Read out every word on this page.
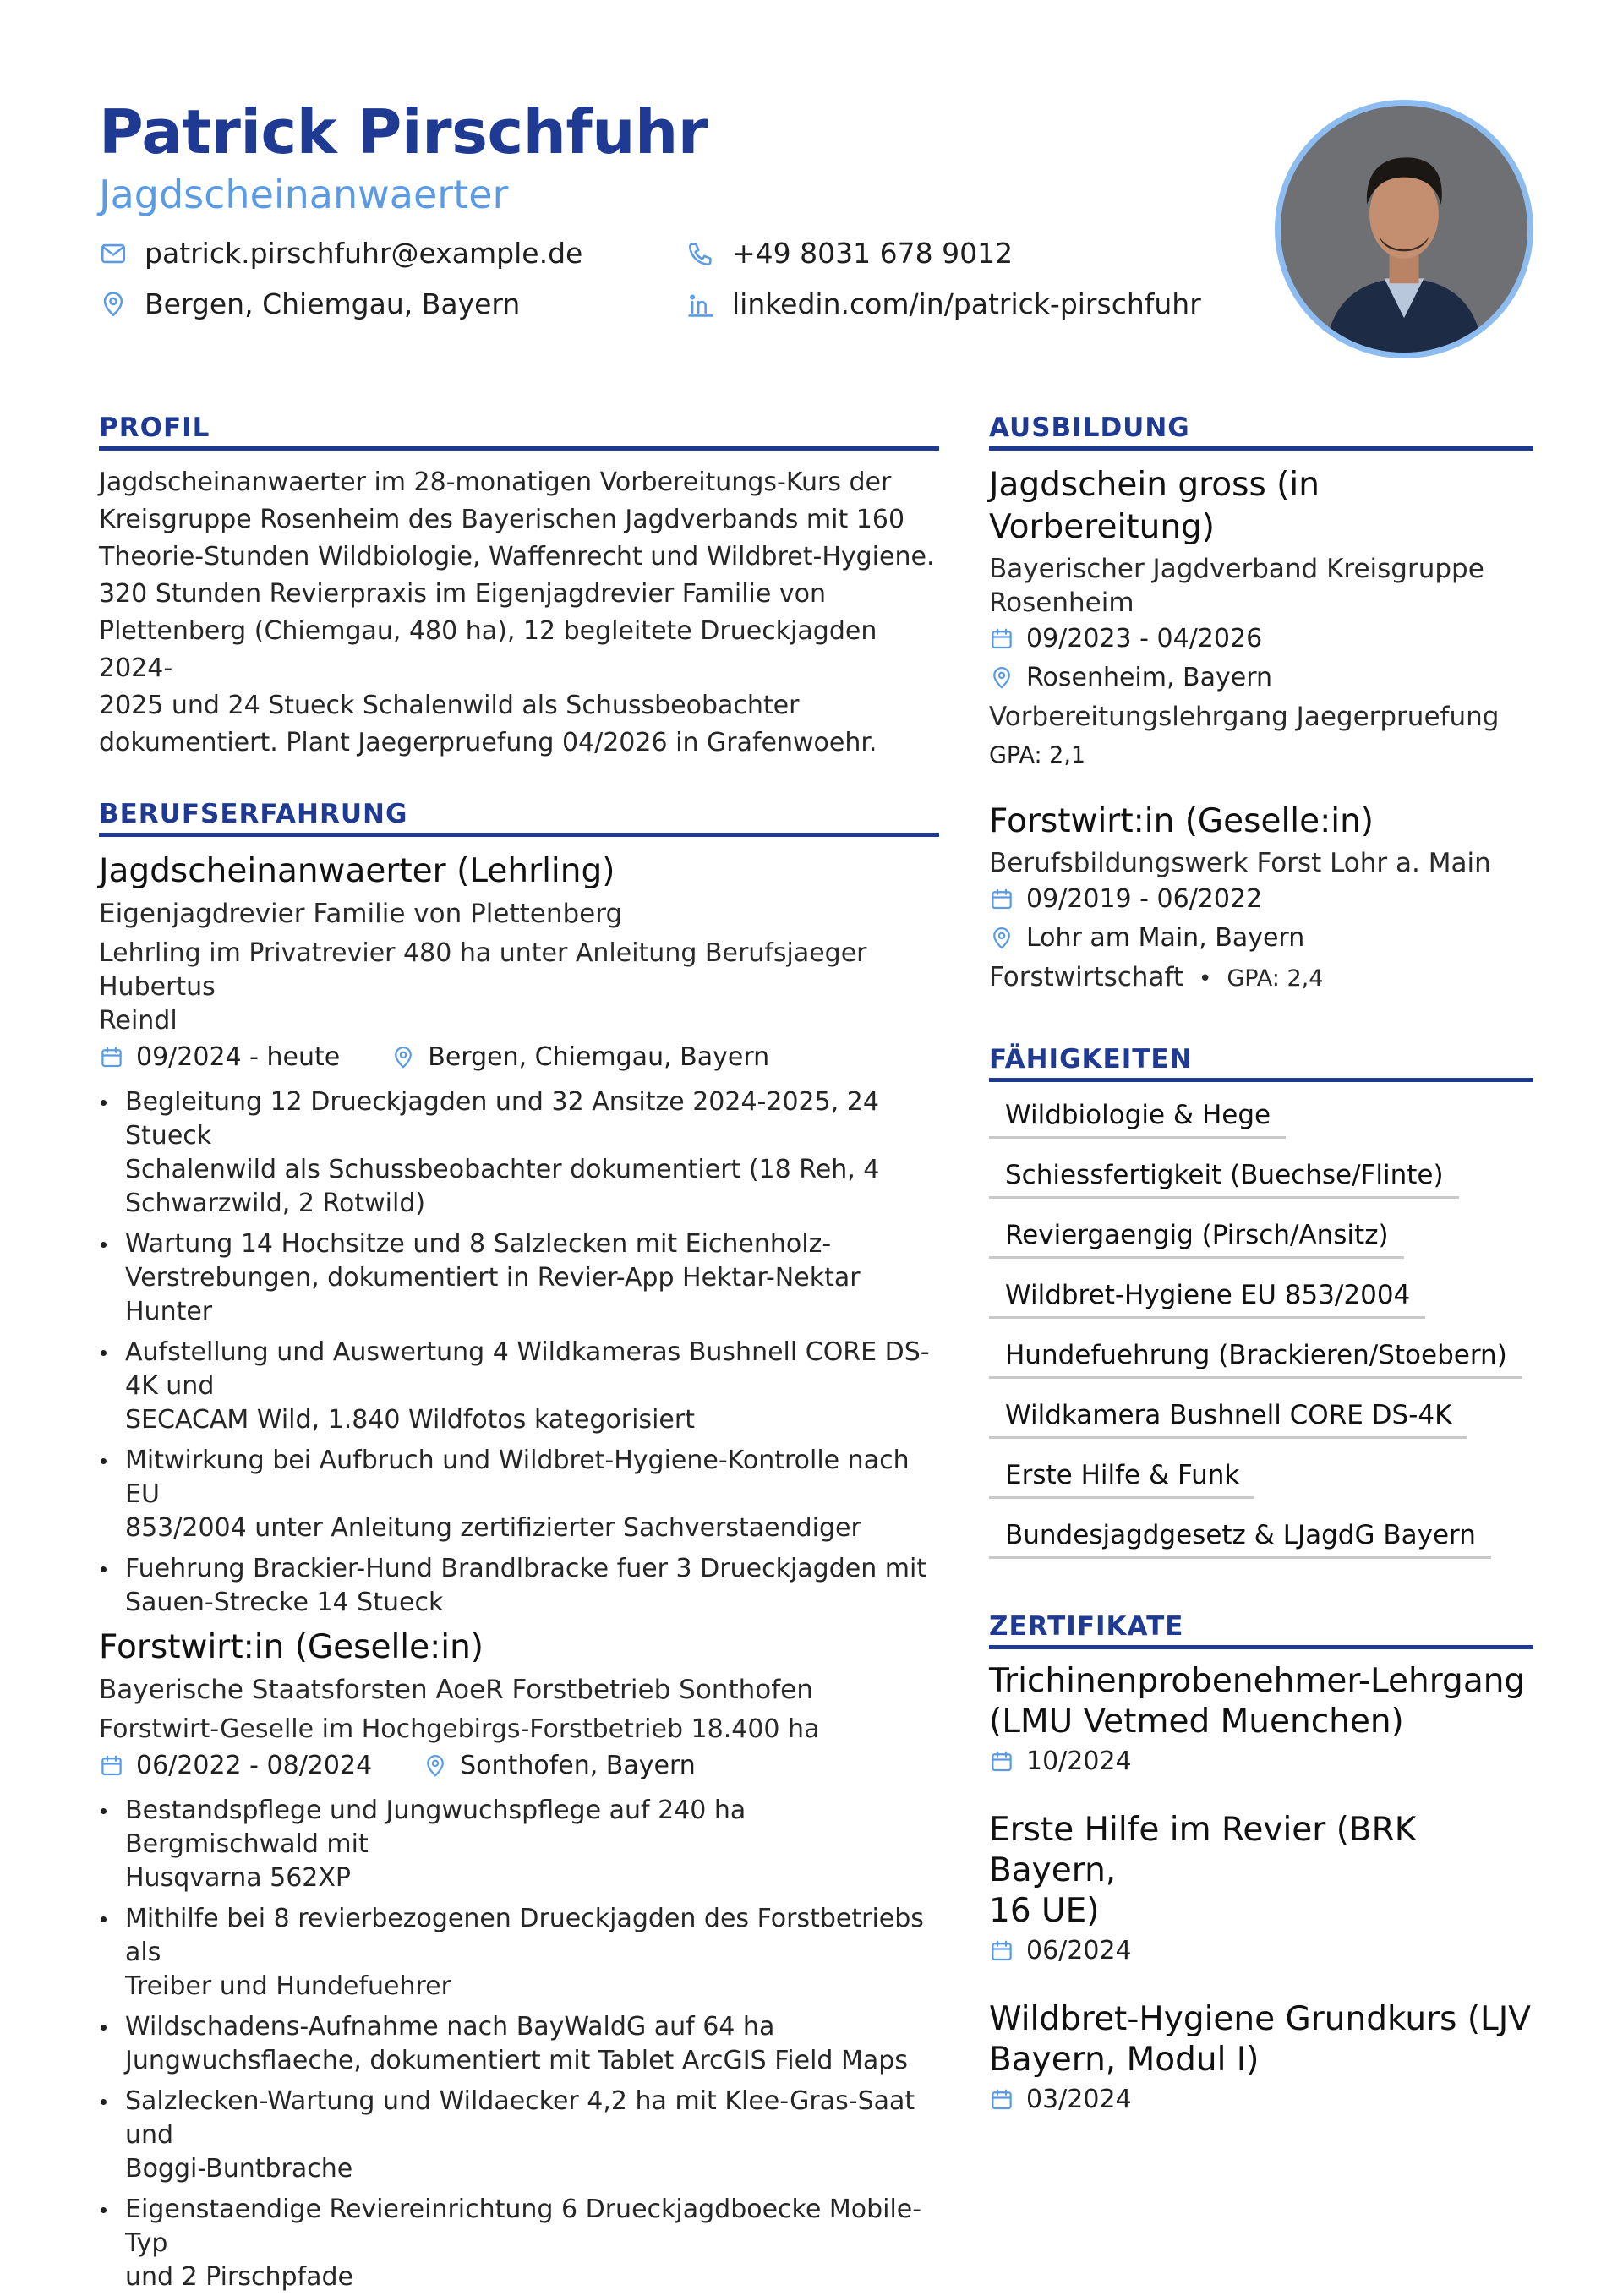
Patrick Pirschfuhr
Jagdscheinanwaerter
patrick.pirschfuhr@example.de	+49 8031 678 9012
Bergen, Chiemgau, Bayern	linkedin.com/in/patrick-pirschfuhr
PROFIL
Jagdscheinanwaerter im 28-monatigen Vorbereitungs-Kurs der
Kreisgruppe Rosenheim des Bayerischen Jagdverbands mit 160
Theorie-Stunden Wildbiologie, Waffenrecht und Wildbret-Hygiene.
320 Stunden Revierpraxis im Eigenjagdrevier Familie von
Plettenberg (Chiemgau, 480 ha), 12 begleitete Drueckjagden 2024-
2025 und 24 Stueck Schalenwild als Schussbeobachter
dokumentiert. Plant Jaegerpruefung 04/2026 in Grafenwoehr.
BERUFSERFAHRUNG
Jagdscheinanwaerter (Lehrling)
Eigenjagdrevier Familie von Plettenberg
Lehrling im Privatrevier 480 ha unter Anleitung Berufsjaeger Hubertus
Reindl
09/2024 - heute	Bergen, Chiemgau, Bayern
Begleitung 12 Drueckjagden und 32 Ansitze 2024-2025, 24 Stueck
Schalenwild als Schussbeobachter dokumentiert (18 Reh, 4
Schwarzwild, 2 Rotwild)
Wartung 14 Hochsitze und 8 Salzlecken mit Eichenholz-
Verstrebungen, dokumentiert in Revier-App Hektar-Nektar Hunter
Aufstellung und Auswertung 4 Wildkameras Bushnell CORE DS-4K und
SECACAM Wild, 1.840 Wildfotos kategorisiert
Mitwirkung bei Aufbruch und Wildbret-Hygiene-Kontrolle nach EU
853/2004 unter Anleitung zertifizierter Sachverstaendiger
Fuehrung Brackier-Hund Brandlbracke fuer 3 Drueckjagden mit
Sauen-Strecke 14 Stueck
Forstwirt:in (Geselle:in)
Bayerische Staatsforsten AoeR Forstbetrieb Sonthofen
Forstwirt-Geselle im Hochgebirgs-Forstbetrieb 18.400 ha
06/2022 - 08/2024	Sonthofen, Bayern
Bestandspflege und Jungwuchspflege auf 240 ha Bergmischwald mit
Husqvarna 562XP
Mithilfe bei 8 revierbezogenen Drueckjagden des Forstbetriebs als
Treiber und Hundefuehrer
Wildschadens-Aufnahme nach BayWaldG auf 64 ha
Jungwuchsflaeche, dokumentiert mit Tablet ArcGIS Field Maps
Salzlecken-Wartung und Wildaecker 4,2 ha mit Klee-Gras-Saat und
Boggi-Buntbrache
Eigenstaendige Reviereinrichtung 6 Drueckjagdboecke Mobile-Typ
und 2 Pirschpfade
AUSBILDUNG
Jagdschein gross (in Vorbereitung)
Bayerischer Jagdverband Kreisgruppe
Rosenheim
09/2023 - 04/2026
Rosenheim, Bayern
Vorbereitungslehrgang Jaegerpruefung
GPA: 2,1
Forstwirt:in (Geselle:in)
Berufsbildungswerk Forst Lohr a. Main
09/2019 - 06/2022
Lohr am Main, Bayern
Forstwirtschaft • GPA: 2,4
FÄHIGKEITEN
Wildbiologie & Hege
Schiessfertigkeit (Buechse/Flinte)
Reviergaengig (Pirsch/Ansitz)
Wildbret-Hygiene EU 853/2004
Hundefuehrung (Brackieren/Stoebern)
Wildkamera Bushnell CORE DS-4K
Erste Hilfe & Funk
Bundesjagdgesetz & LJagdG Bayern
ZERTIFIKATE
Trichinenprobenehmer-Lehrgang
(LMU Vetmed Muenchen)
10/2024
Erste Hilfe im Revier (BRK Bayern,
16 UE)
06/2024
Wildbret-Hygiene Grundkurs (LJV
Bayern, Modul I)
03/2024
